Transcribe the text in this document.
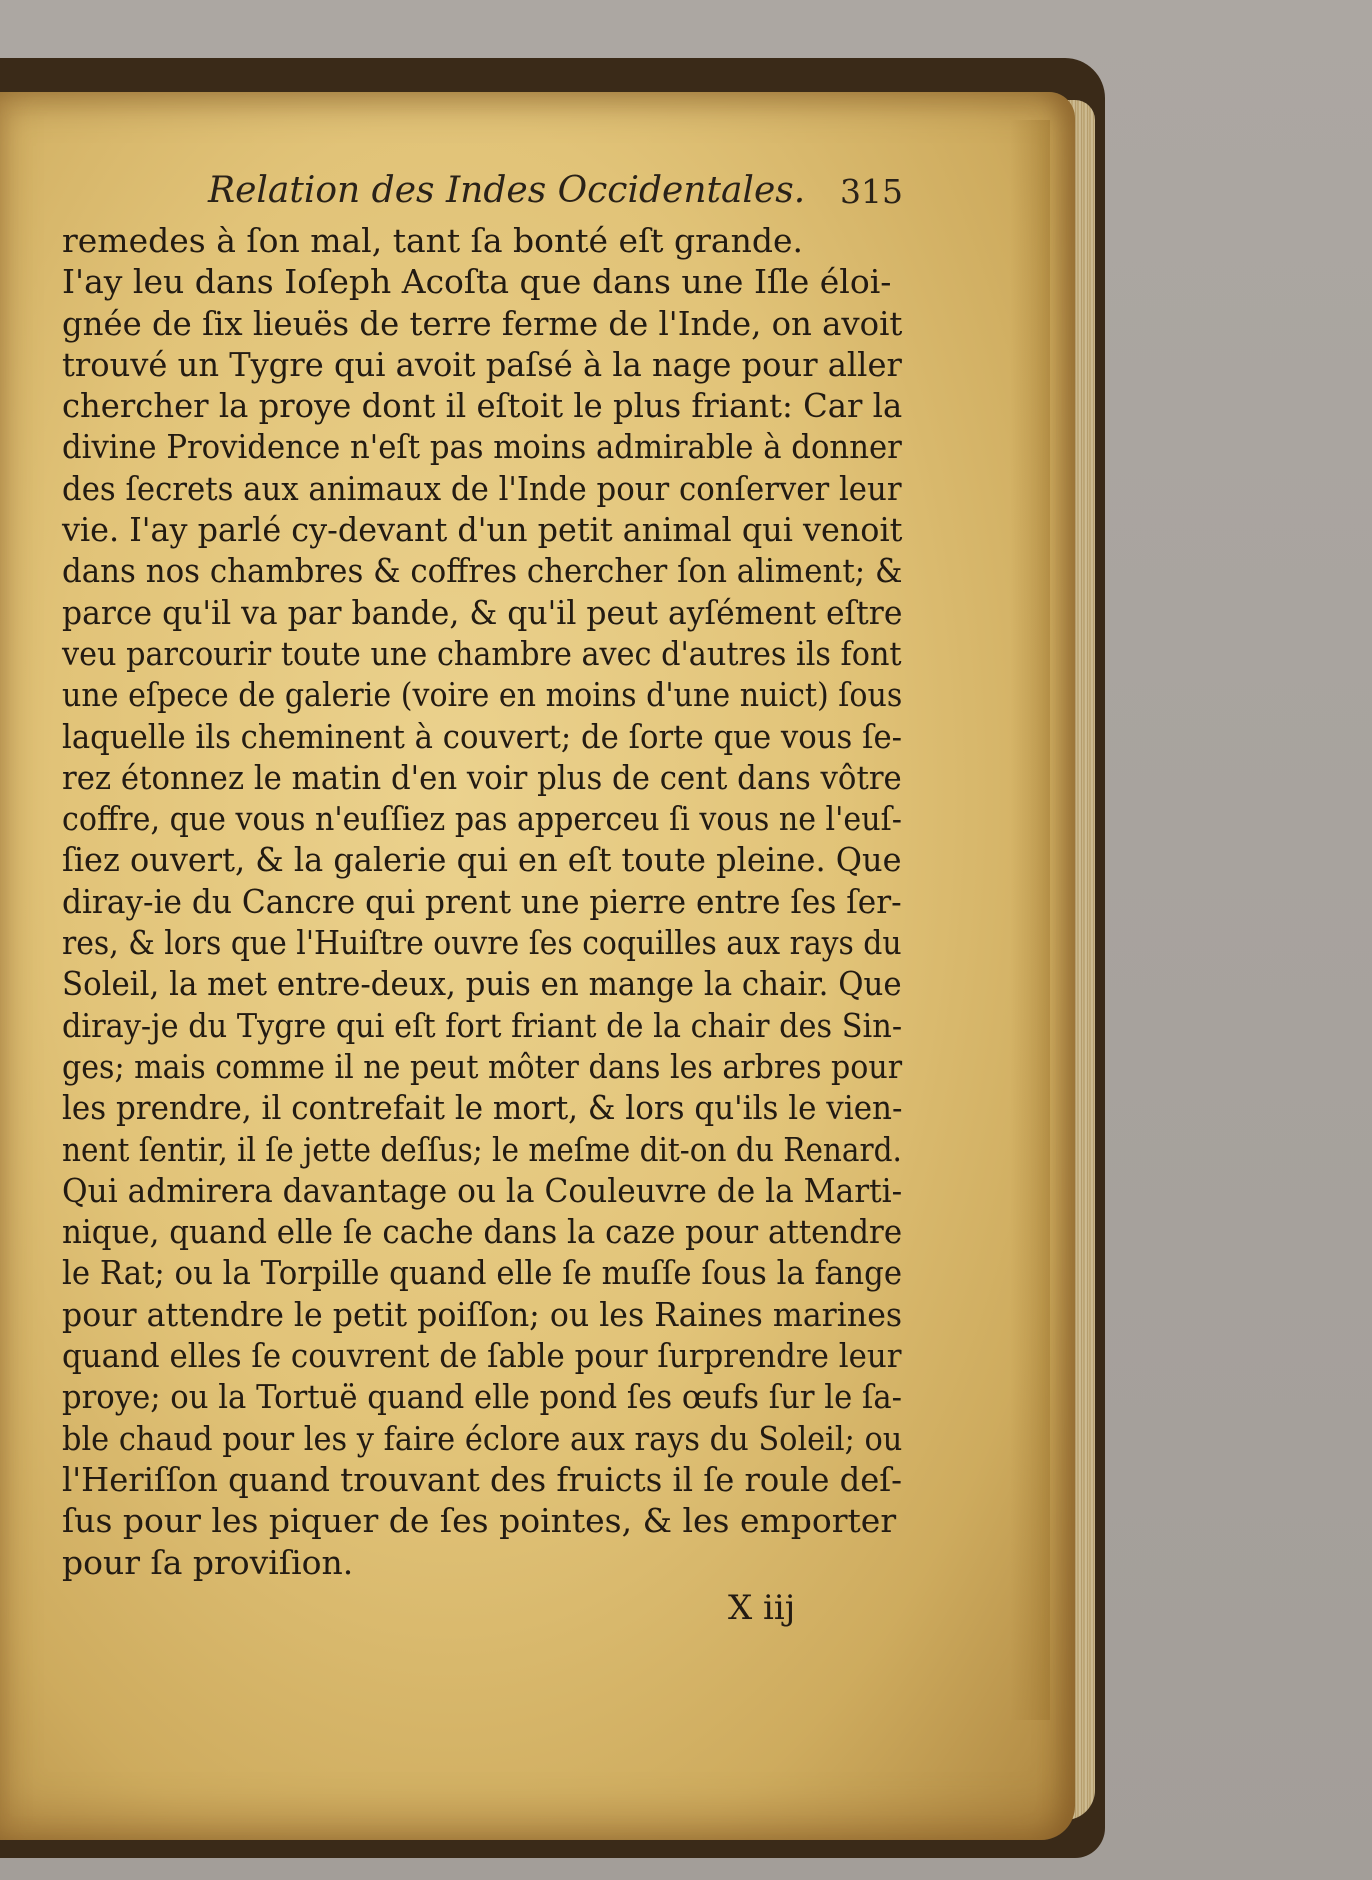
Relation des Indes Occidentales.	315
remedes à ſon mal, tant ſa bonté eſt grande.
I'ay leu dans Ioſeph Acoſta que dans une Iſle éloi-
gnée de ſix lieuës de terre ferme de l'Inde, on avoit
trouvé un Tygre qui avoit paſsé à la nage pour aller
chercher la proye dont il eſtoit le plus friant: Car la
divine Providence n'eſt pas moins admirable à donner
des ſecrets aux animaux de l'Inde pour conſerver leur
vie. I'ay parlé cy-devant d'un petit animal qui venoit
dans nos chambres & coffres chercher ſon aliment; &
parce qu'il va par bande, & qu'il peut ayſément eſtre
veu parcourir toute une chambre avec d'autres ils font
une eſpece de galerie (voire en moins d'une nuict) ſous
laquelle ils cheminent à couvert; de ſorte que vous ſe-
rez étonnez le matin d'en voir plus de cent dans vôtre
coffre, que vous n'euſſiez pas apperceu ſi vous ne l'euſ-
ſiez ouvert, & la galerie qui en eſt toute pleine. Que
diray-ie du Cancre qui prent une pierre entre ſes ſer-
res, & lors que l'Huiſtre ouvre ſes coquilles aux rays du
Soleil, la met entre-deux, puis en mange la chair. Que
diray-je du Tygre qui eſt fort friant de la chair des Sin-
ges; mais comme il ne peut môter dans les arbres pour
les prendre, il contrefait le mort, & lors qu'ils le vien-
nent ſentir, il ſe jette deſſus; le meſme dit-on du Renard.
Qui admirera davantage ou la Couleuvre de la Marti-
nique, quand elle ſe cache dans la caze pour attendre
le Rat; ou la Torpille quand elle ſe muſſe ſous la fange
pour attendre le petit poiſſon; ou les Raines marines
quand elles ſe couvrent de ſable pour ſurprendre leur
proye; ou la Tortuë quand elle pond ſes œufs ſur le ſa-
ble chaud pour les y faire éclore aux rays du Soleil; ou
l'Heriſſon quand trouvant des fruicts il ſe roule deſ-
ſus pour les piquer de ſes pointes, & les emporter
pour ſa proviſion.
X iij
